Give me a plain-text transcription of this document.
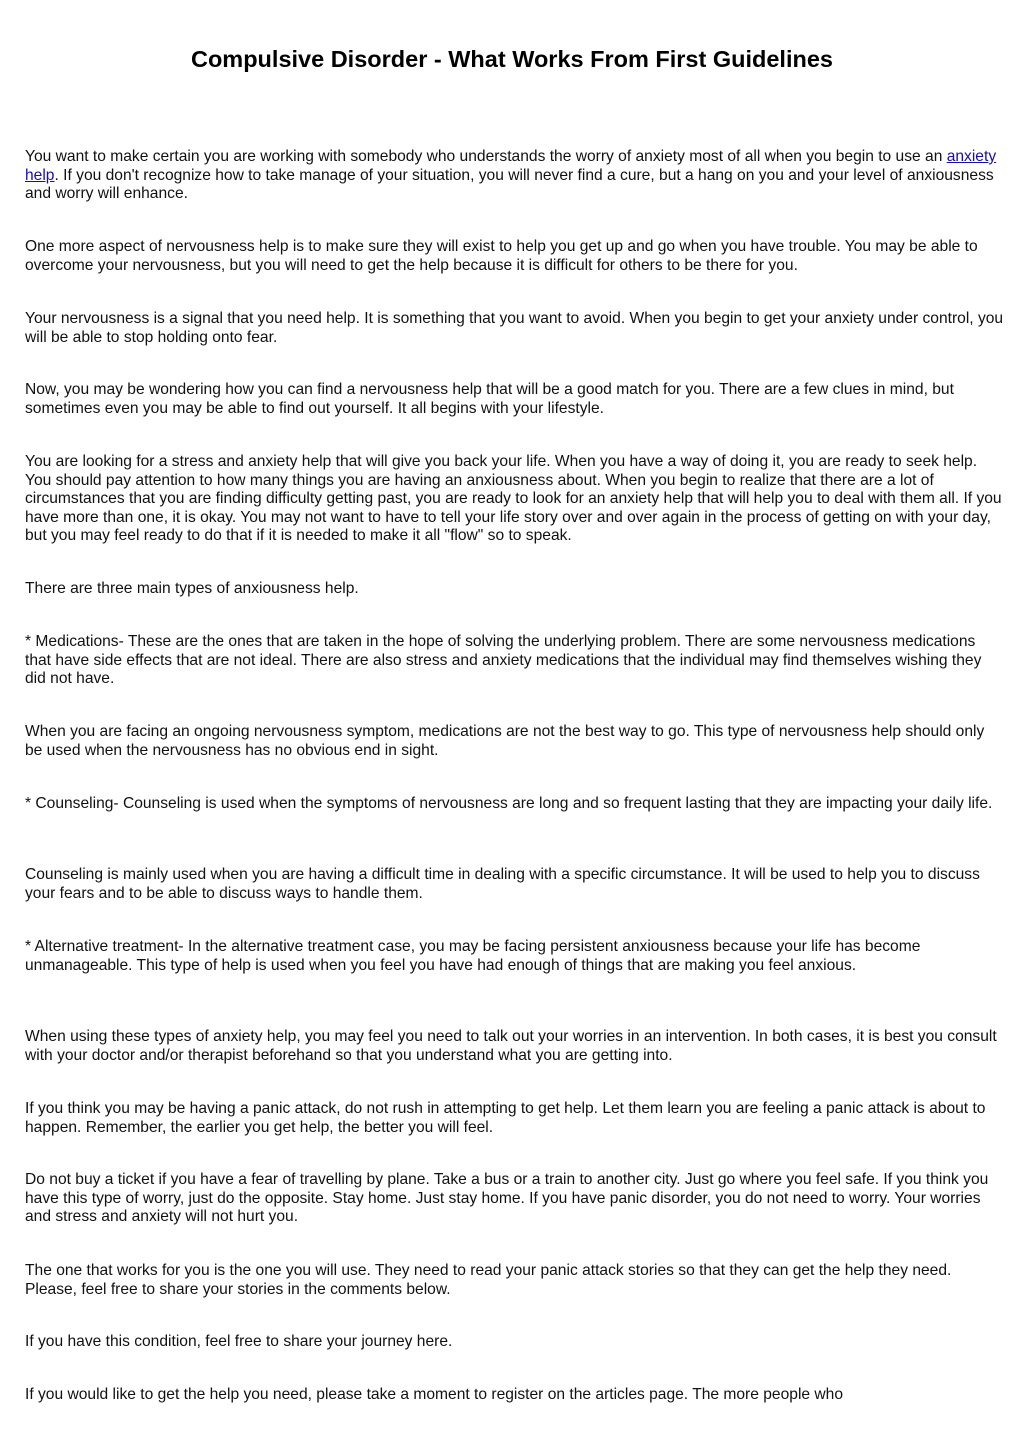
Compulsive Disorder - What Works From First Guidelines

You want to make certain you are working with somebody who understands the worry of anxiety most of all when you begin to use an anxiety help. If you don't recognize how to take manage of your situation, you will never find a cure, but a hang on you and your level of anxiousness and worry will enhance.

One more aspect of nervousness help is to make sure they will exist to help you get up and go when you have trouble. You may be able to overcome your nervousness, but you will need to get the help because it is difficult for others to be there for you.

Your nervousness is a signal that you need help. It is something that you want to avoid. When you begin to get your anxiety under control, you will be able to stop holding onto fear.

Now, you may be wondering how you can find a nervousness help that will be a good match for you. There are a few clues in mind, but sometimes even you may be able to find out yourself. It all begins with your lifestyle.

You are looking for a stress and anxiety help that will give you back your life. When you have a way of doing it, you are ready to seek help. You should pay attention to how many things you are having an anxiousness about. When you begin to realize that there are a lot of circumstances that you are finding difficulty getting past, you are ready to look for an anxiety help that will help you to deal with them all. If you have more than one, it is okay. You may not want to have to tell your life story over and over again in the process of getting on with your day, but you may feel ready to do that if it is needed to make it all "flow" so to speak.

There are three main types of anxiousness help.

* Medications- These are the ones that are taken in the hope of solving the underlying problem. There are some nervousness medications that have side effects that are not ideal. There are also stress and anxiety medications that the individual may find themselves wishing they did not have.

When you are facing an ongoing nervousness symptom, medications are not the best way to go. This type of nervousness help should only be used when the nervousness has no obvious end in sight.

* Counseling- Counseling is used when the symptoms of nervousness are long and so frequent lasting that they are impacting your daily life.

Counseling is mainly used when you are having a difficult time in dealing with a specific circumstance. It will be used to help you to discuss your fears and to be able to discuss ways to handle them.

* Alternative treatment- In the alternative treatment case, you may be facing persistent anxiousness because your life has become unmanageable. This type of help is used when you feel you have had enough of things that are making you feel anxious.

When using these types of anxiety help, you may feel you need to talk out your worries in an intervention. In both cases, it is best you consult with your doctor and/or therapist beforehand so that you understand what you are getting into.

If you think you may be having a panic attack, do not rush in attempting to get help. Let them learn you are feeling a panic attack is about to happen. Remember, the earlier you get help, the better you will feel.

Do not buy a ticket if you have a fear of travelling by plane. Take a bus or a train to another city. Just go where you feel safe. If you think you have this type of worry, just do the opposite. Stay home. Just stay home. If you have panic disorder, you do not need to worry. Your worries and stress and anxiety will not hurt you.

The one that works for you is the one you will use. They need to read your panic attack stories so that they can get the help they need. Please, feel free to share your stories in the comments below.

If you have this condition, feel free to share your journey here.

If you would like to get the help you need, please take a moment to register on the articles page. The more people who
